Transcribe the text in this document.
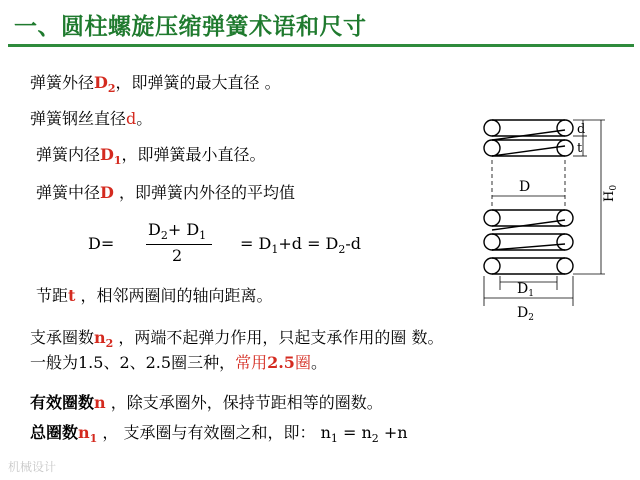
一、圆柱螺旋压缩弹簧术语和尺寸
弹簧外径$D_2$，即弹簧的最大直径 。
弹簧钢丝直径d。
弹簧内径$D_1$，即弹簧最小直径。
弹簧中径D ，即弹簧内外径的平均值
D=
$D_2+ D_1$
2
= $D_1+d = D_2-d$
节距t ，相邻两圈间的轴向距离。
支承圈数$n_2$ ，两端不起弹力作用，只起支承作用的圈 数。
一般为1.5、2、2.5圈三种，常用2.5圈。
有效圈数n ，除支承圈外，保持节距相等的圈数。
总圈数$n_1$ ， 支承圈与有效圈之和，即： $n_1 = n_2 +n$
d
t
D
$H_0$
$D_1$
$D_2$
机械设计
